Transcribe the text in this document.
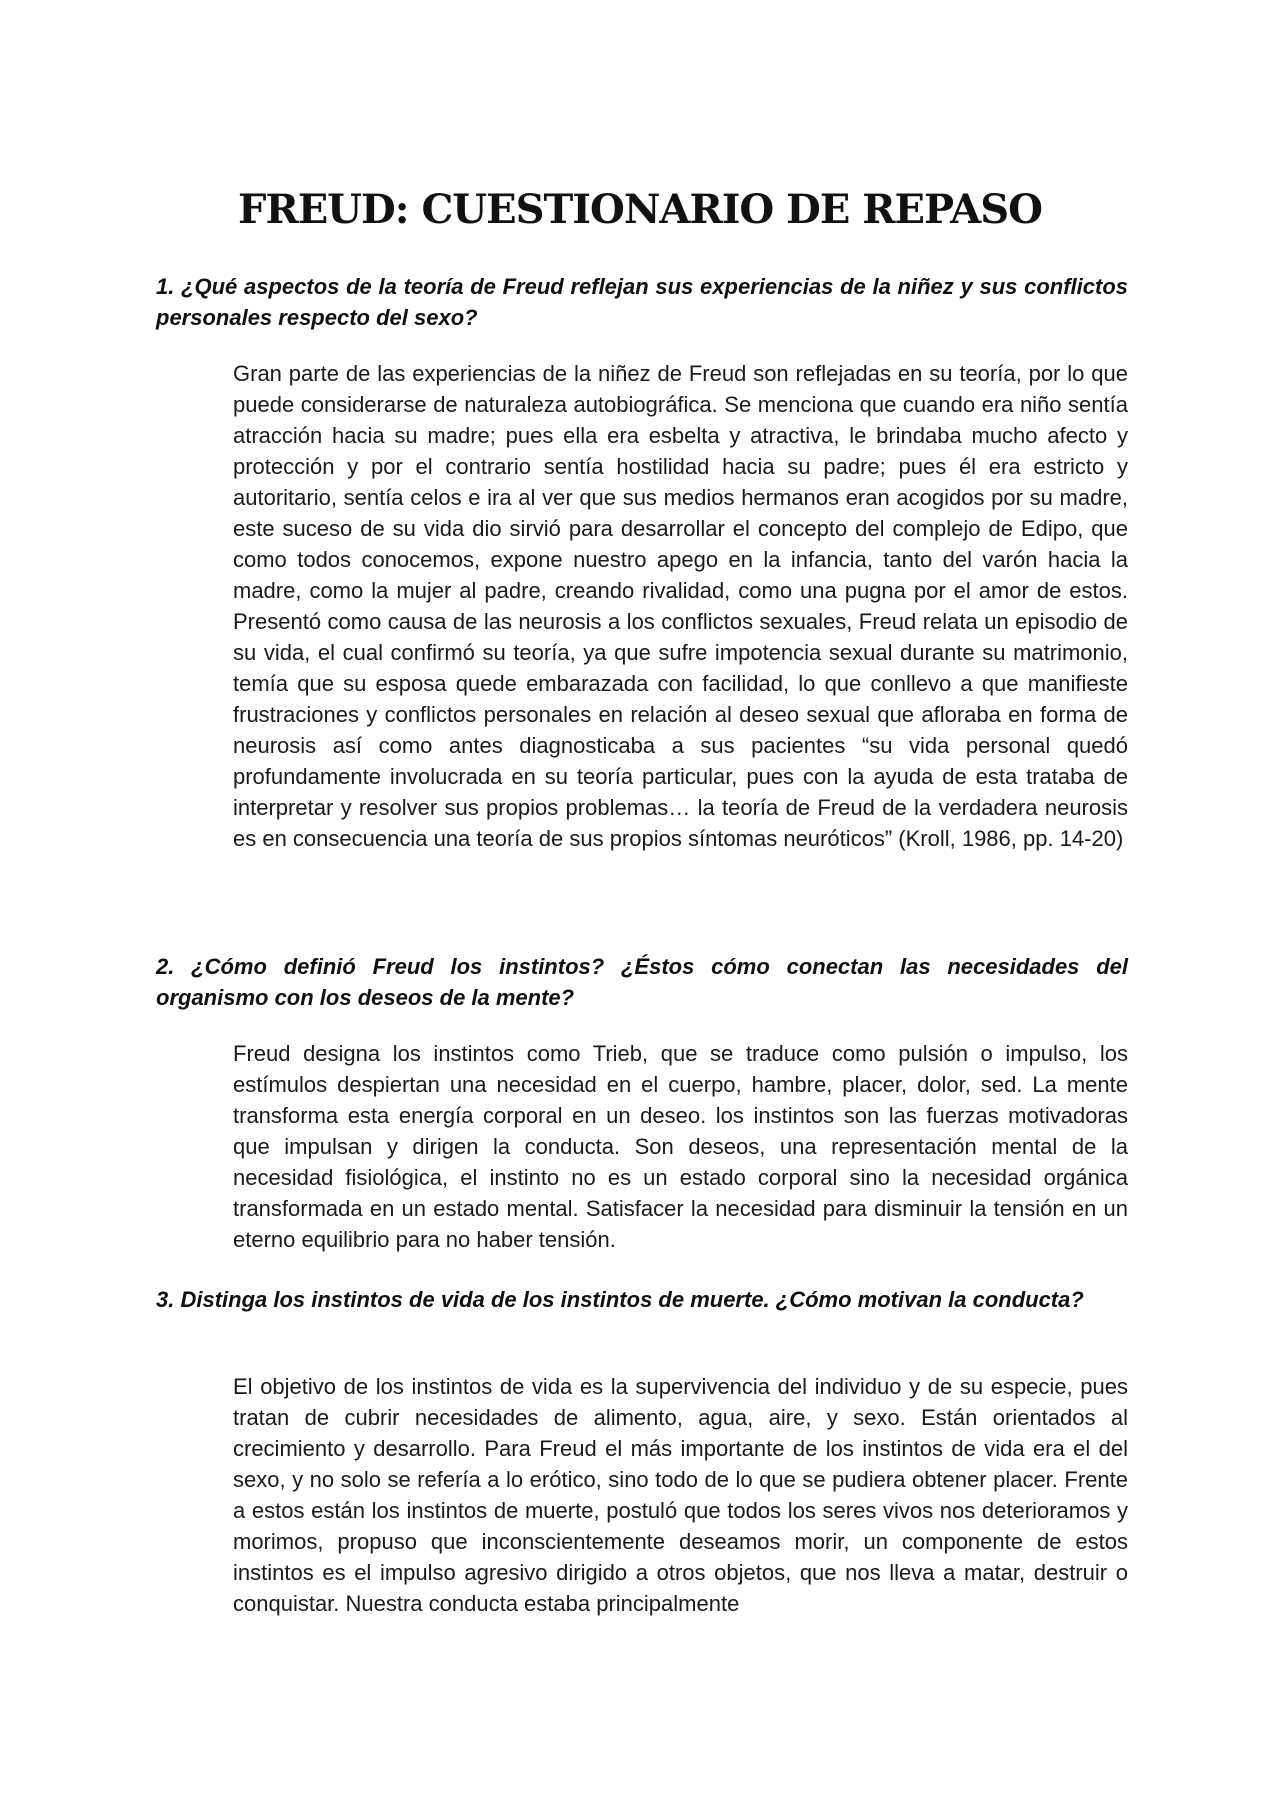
FREUD: CUESTIONARIO DE REPASO

1. ¿Qué aspectos de la teoría de Freud reflejan sus experiencias de la niñez y sus conflictos personales respecto del sexo?

Gran parte de las experiencias de la niñez de Freud son reflejadas en su teoría, por lo que puede considerarse de naturaleza autobiográfica. Se menciona que cuando era niño sentía atracción hacia su madre; pues ella era esbelta y atractiva, le brindaba mucho afecto y protección y por el contrario sentía hostilidad hacia su padre; pues él era estricto y autoritario, sentía celos e ira al ver que sus medios hermanos eran acogidos por su madre, este suceso de su vida dio sirvió para desarrollar el concepto del complejo de Edipo, que como todos conocemos, expone nuestro apego en la infancia, tanto del varón hacia la madre, como la mujer al padre, creando rivalidad, como una pugna por el amor de estos. Presentó como causa de las neurosis a los conflictos sexuales, Freud relata un episodio de su vida, el cual confirmó su teoría, ya que sufre impotencia sexual durante su matrimonio, temía que su esposa quede embarazada con facilidad, lo que conllevo a que manifieste frustraciones y conflictos personales en relación al deseo sexual que afloraba en forma de neurosis así como antes diagnosticaba a sus pacientes “su vida personal quedó profundamente involucrada en su teoría particular, pues con la ayuda de esta trataba de interpretar y resolver sus propios problemas… la teoría de Freud de la verdadera neurosis es en consecuencia una teoría de sus propios síntomas neuróticos” (Kroll, 1986, pp. 14-20)

2. ¿Cómo definió Freud los instintos? ¿Éstos cómo conectan las necesidades del organismo con los deseos de la mente?

Freud designa los instintos como Trieb, que se traduce como pulsión o impulso, los estímulos despiertan una necesidad en el cuerpo, hambre, placer, dolor, sed. La mente transforma esta energía corporal en un deseo. los instintos son las fuerzas motivadoras que impulsan y dirigen la conducta. Son deseos, una representación mental de la necesidad fisiológica, el instinto no es un estado corporal sino la necesidad orgánica transformada en un estado mental. Satisfacer la necesidad para disminuir la tensión en un eterno equilibrio para no haber tensión.

3. Distinga los instintos de vida de los instintos de muerte. ¿Cómo motivan la conducta?

El objetivo de los instintos de vida es la supervivencia del individuo y de su especie, pues tratan de cubrir necesidades de alimento, agua, aire, y sexo. Están orientados al crecimiento y desarrollo. Para Freud el más importante de los instintos de vida era el del sexo, y no solo se refería a lo erótico, sino todo de lo que se pudiera obtener placer. Frente a estos están los instintos de muerte, postuló que todos los seres vivos nos deterioramos y morimos, propuso que inconscientemente deseamos morir, un componente de estos instintos es el impulso agresivo dirigido a otros objetos, que nos lleva a matar, destruir o conquistar. Nuestra conducta estaba principalmente
